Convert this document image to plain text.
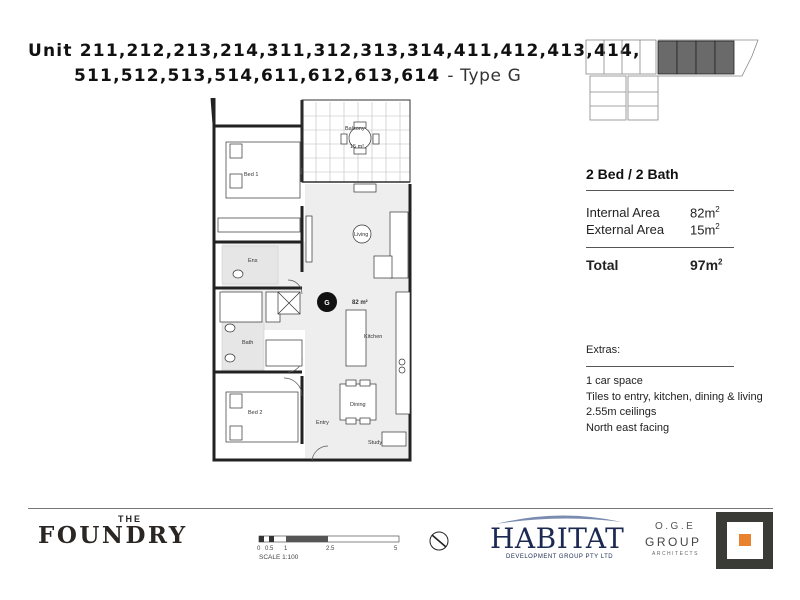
Unit 211,212,213,214,311,312,313,314,411,412,413,414,
511,512,513,514,611,612,613,614 - Type G
G
Balcony
15 m²
Bed 1
Living
Ens
82 m²
Bath
Kitchen
Dining
Bed 2
Entry
Study
2 Bed / 2 Bath
Internal Area $82m^2$
External Area $15m^2$
Total	$97m^2$
Extras:
1 car space
Tiles to entry, kitchen, dining & living
2.55m ceilings
North east facing
THE
FOUNDRY	0 0.5 1	2.5	5
SCALE 1:100
HABITAT
DEVELOPMENT GROUP PTY LTD
O.G.E
GROUP
ARCHITECTS
